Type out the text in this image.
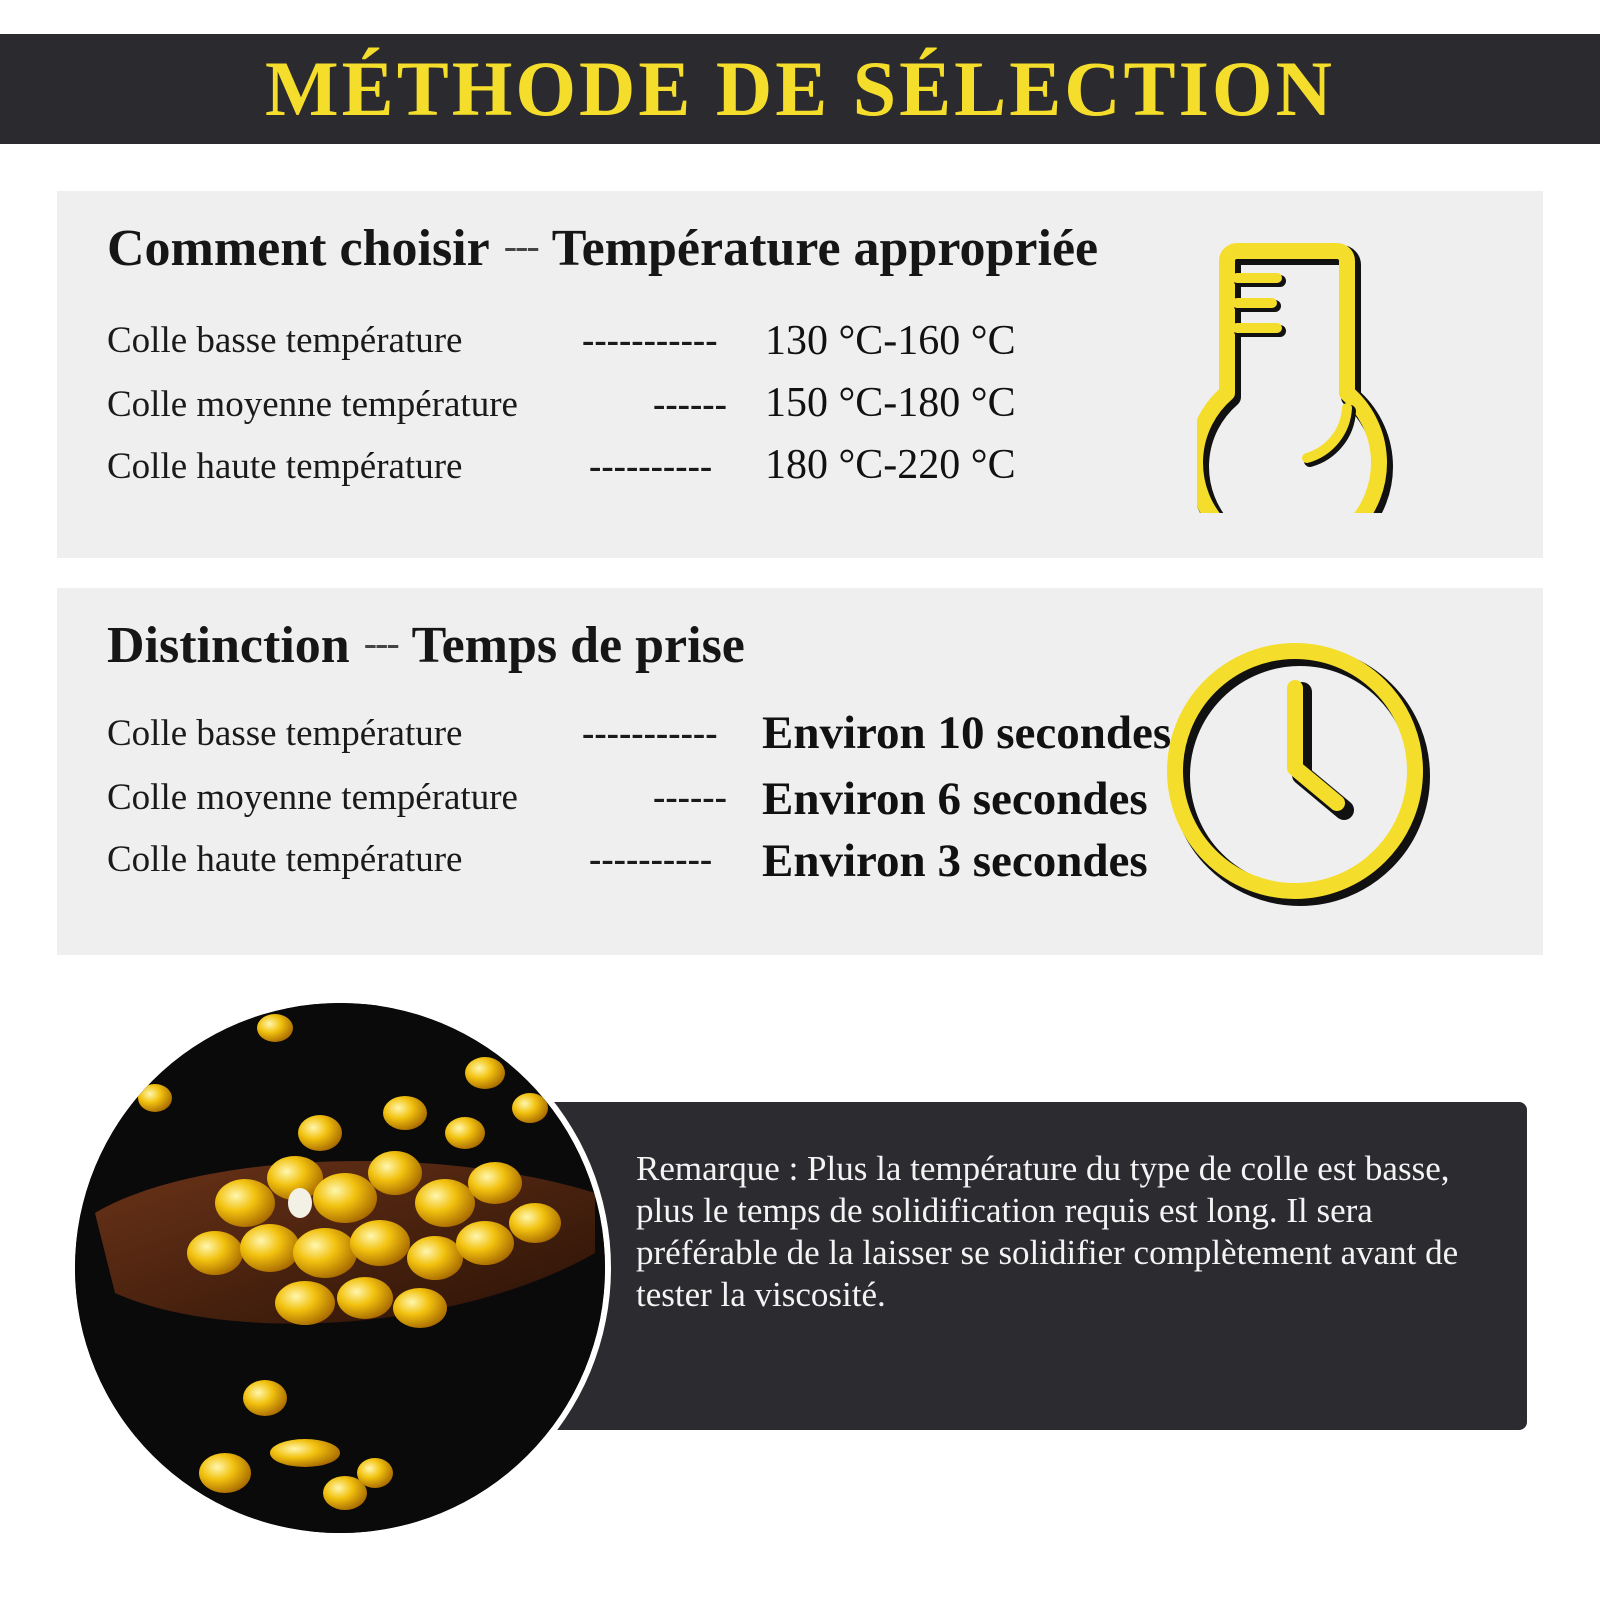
MÉTHODE DE SÉLECTION
Comment choisir --- Température appropriée
Colle basse température	----------- 130 °C-160 °C
Colle moyenne température	------ 150 °C-180 °C
Colle haute température	---------- 180 °C-220 °C
Distinction --- Temps de prise
Colle basse température	----------- Environ 10 secondes
Colle moyenne température	------ Environ 6 secondes
Colle haute température	---------- Environ 3 secondes

Remarque : Plus la température du type de colle est basse, plus le temps de solidification requis est long. Il sera préférable de la laisser se solidifier complètement avant de tester la viscosité.
